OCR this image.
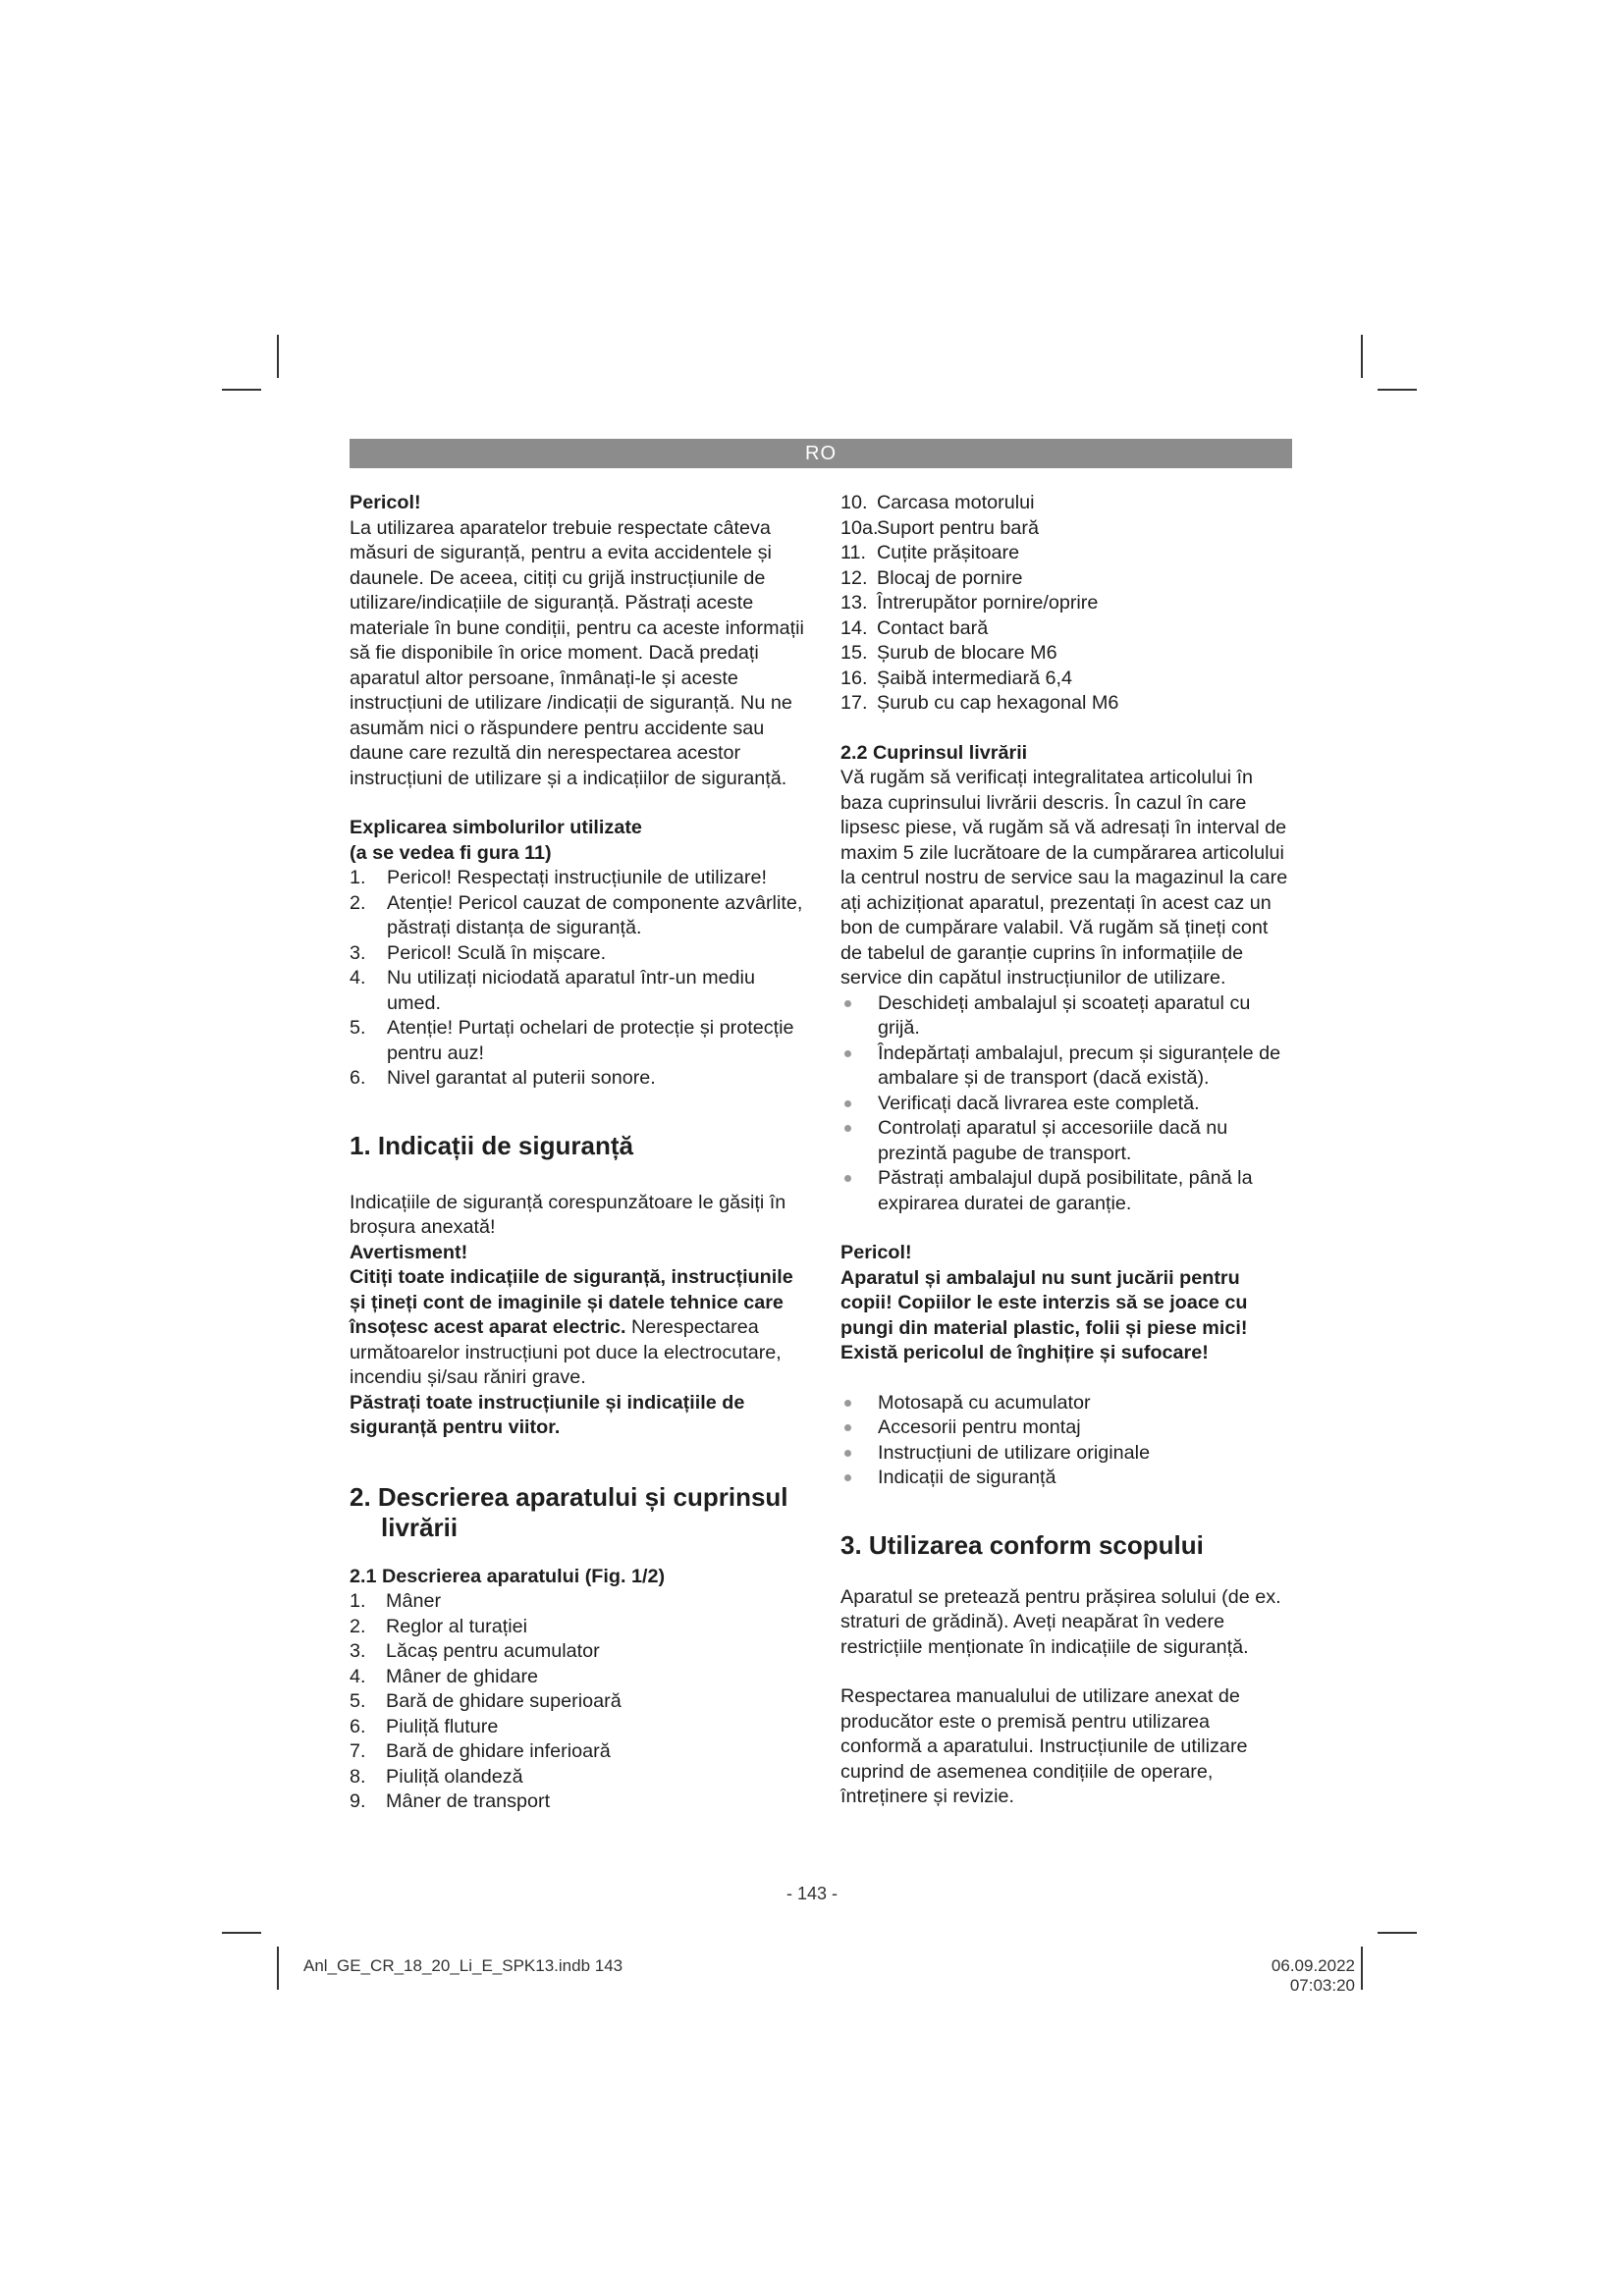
RO

Pericol!

La utilizarea aparatelor trebuie respectate câteva măsuri de siguranță, pentru a evita accidentele și daunele. De aceea, citiți cu grijă instrucțiunile de utilizare/indicațiile de siguranță. Păstrați aceste materiale în bune condiții, pentru ca aceste informații să fie disponibile în orice moment. Dacă predați aparatul altor persoane, înmânați-le și aceste instrucțiuni de utilizare /indicații de siguranță. Nu ne asumăm nici o răspundere pentru accidente sau daune care rezultă din nerespectarea acestor instrucțiuni de utilizare și a indicațiilor de siguranță.

Explicarea simbolurilor utilizate

(a se vedea fi gura 11)

1. Pericol! Respectați instrucțiunile de utilizare!
2. Atenție! Pericol cauzat de componente azvârlite, păstrați distanța de siguranță.
3. Pericol! Sculă în mișcare.
4. Nu utilizați niciodată aparatul într-un mediu umed.
5. Atenție! Purtați ochelari de protecție și protecție pentru auz!
6. Nivel garantat al puterii sonore.

1. Indicații de siguranță

Indicațiile de siguranță corespunzătoare le găsiți în broșura anexată!

Avertisment!

Citiți toate indicațiile de siguranță, instrucțiunile și țineți cont de imaginile și datele tehnice care însoțesc acest aparat electric. Nerespectarea următoarelor instrucțiuni pot duce la electrocutare, incendiu și/sau răniri grave.

Păstrați toate instrucțiunile și indicațiile de siguranță pentru viitor.

2. Descrierea aparatului și cuprinsul livrării

2.1 Descrierea aparatului (Fig. 1/2)

1. Mâner
2. Reglor al turației
3. Lăcaș pentru acumulator
4. Mâner de ghidare
5. Bară de ghidare superioară
6. Piuliță fluture
7. Bară de ghidare inferioară
8. Piuliță olandeză
9. Mâner de transport
10. Carcasa motorului
10a.
Suport pentru bară
11. Cuțite prășitoare
12. Blocaj de pornire
13. Întrerupător pornire/oprire
14. Contact bară
15. Șurub de blocare M6
16. Șaibă intermediară 6,4
17. Șurub cu cap hexagonal M6

2.2 Cuprinsul livrării

Vă rugăm să verificați integralitatea articolului în baza cuprinsului livrării descris. În cazul în care lipsesc piese, vă rugăm să vă adresați în interval de maxim 5 zile lucrătoare de la cumpărarea articolului la centrul nostru de service sau la magazinul la care ați achiziționat aparatul, prezentați în acest caz un bon de cumpărare valabil. Vă rugăm să țineți cont de tabelul de garanție cuprins în informațiile de service din capătul instrucțiunilor de utilizare.

Deschideți ambalajul și scoateți aparatul cu grijă.
Îndepărtați ambalajul, precum și siguranțele de ambalare și de transport (dacă există).
Verificați dacă livrarea este completă.
Controlați aparatul și accesoriile dacă nu prezintă pagube de transport.
Păstrați ambalajul după posibilitate, până la expirarea duratei de garanție.

Pericol!

Aparatul și ambalajul nu sunt jucării pentru copii! Copiilor le este interzis să se joace cu pungi din material plastic, folii și piese mici! Există pericolul de înghițire și sufocare!

Motosapă cu acumulator
Accesorii pentru montaj
Instrucțiuni de utilizare originale
Indicații de siguranță

3. Utilizarea conform scopului

Aparatul se pretează pentru prășirea solului (de ex. straturi de grădină). Aveți neapărat în vedere restricțiile menționate în indicațiile de siguranță.

Respectarea manualului de utilizare anexat de producător este o premisă pentru utilizarea conformă a aparatului. Instrucțiunile de utilizare cuprind de asemenea condițiile de operare, întreținere și revizie.

- 143 -
Anl_GE_CR_18_20_Li_E_SPK13.indb 143	06.09.2022 07:03:20
